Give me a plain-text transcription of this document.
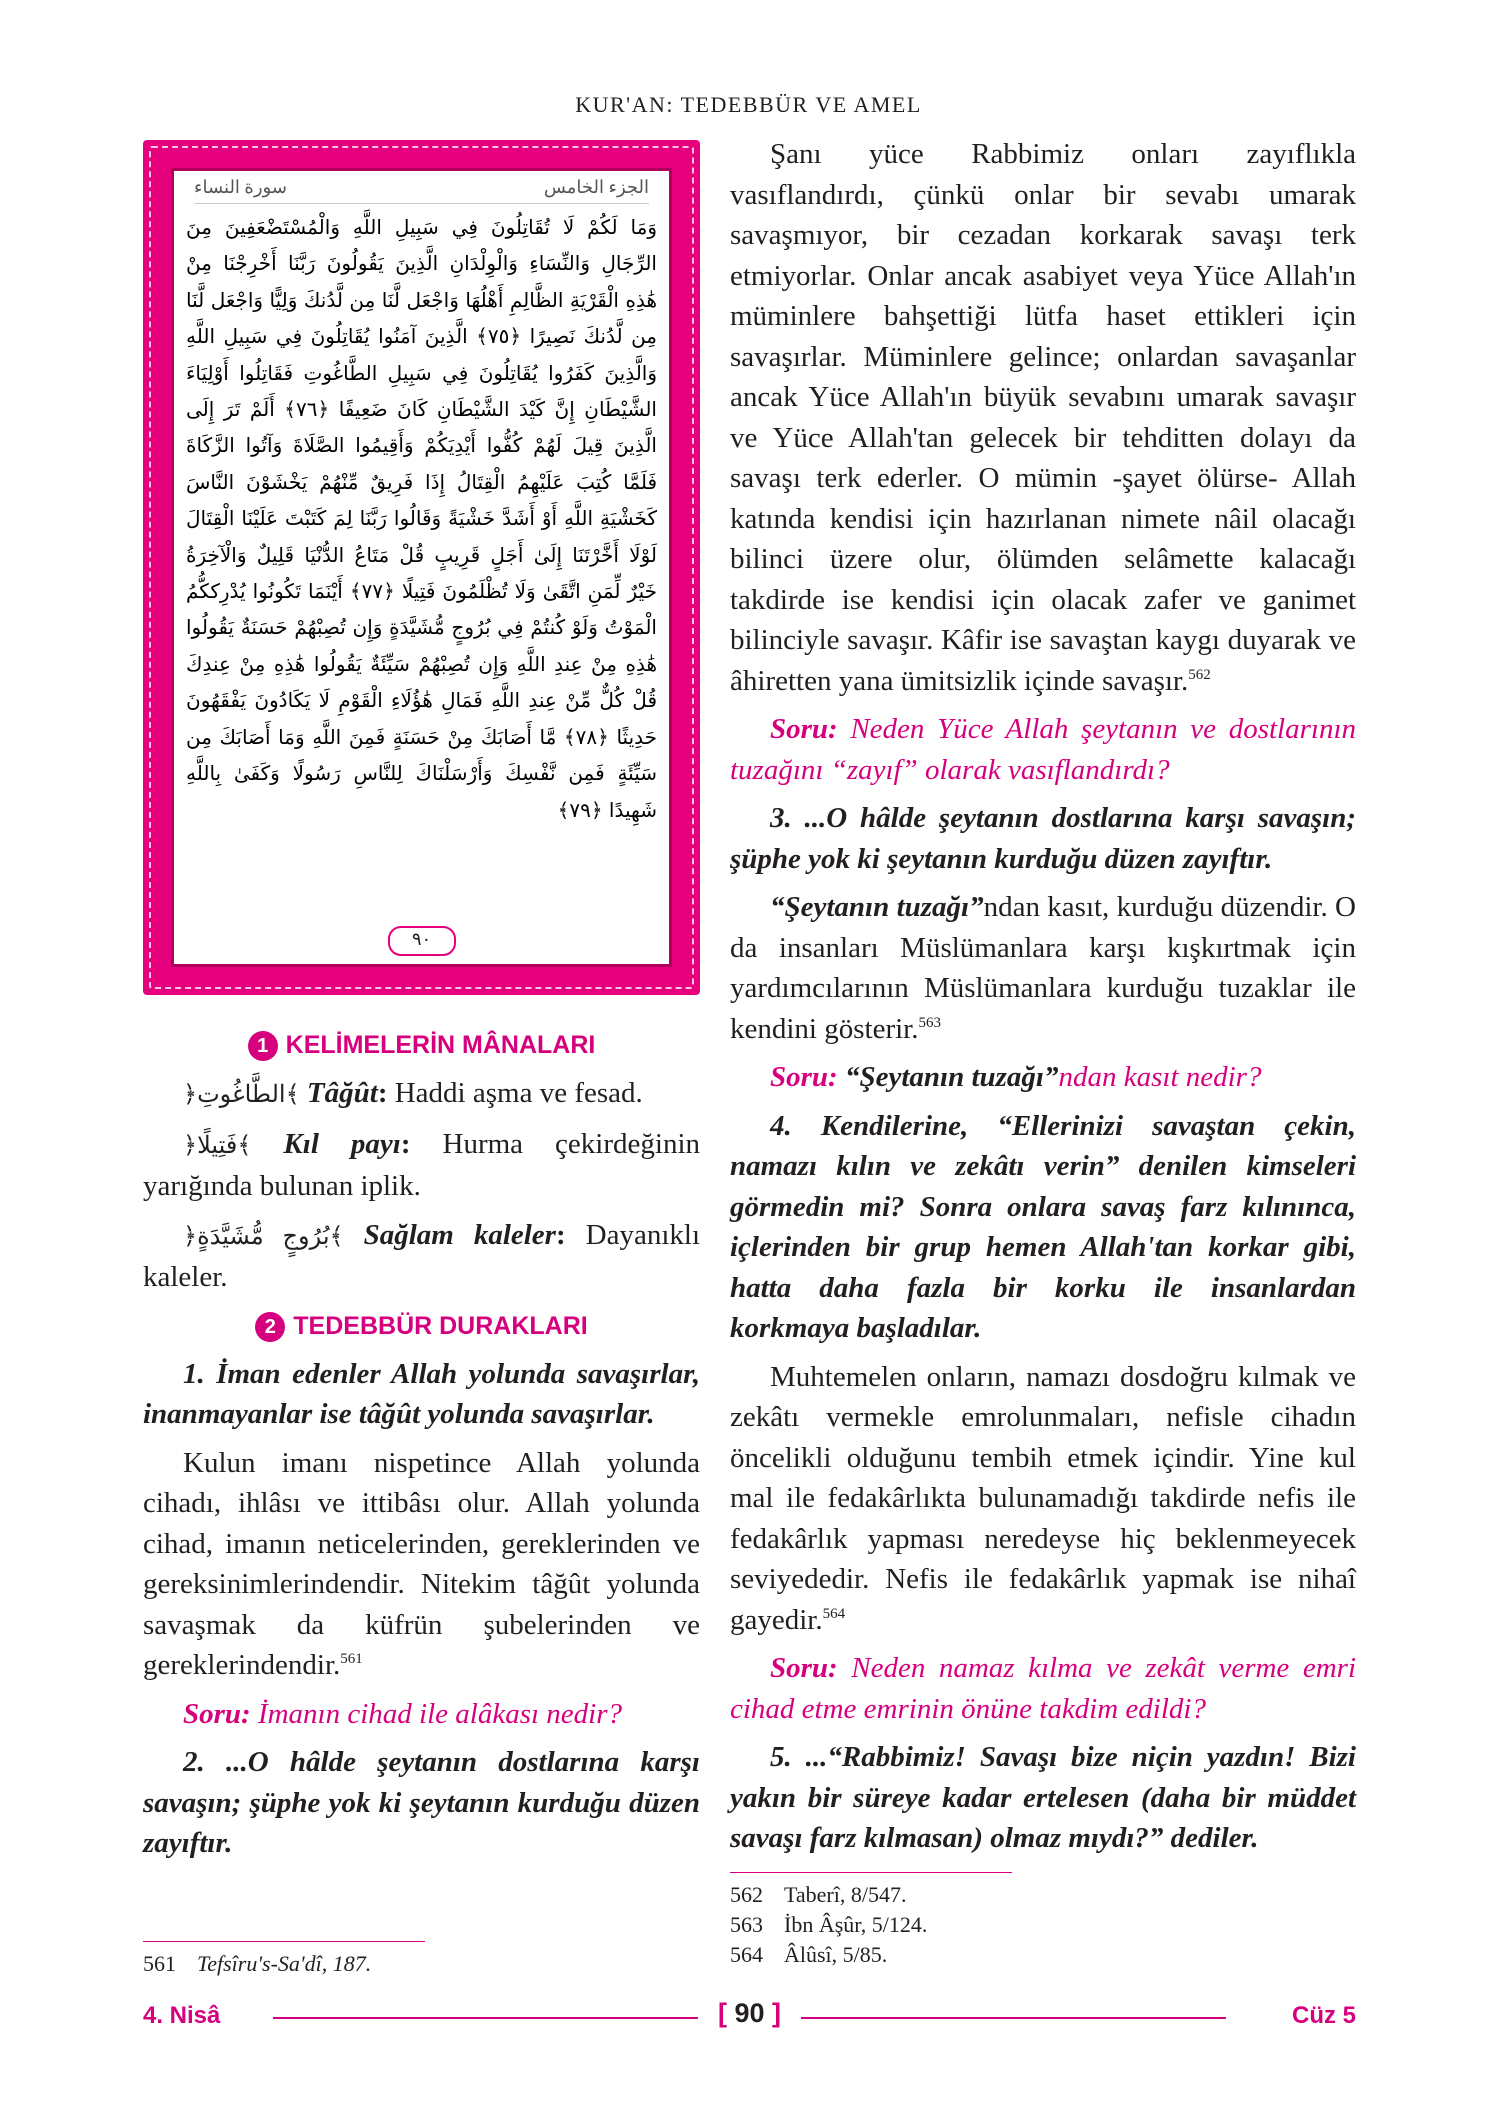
KUR'AN: TEDEBBÜR VE AMEL
الجزء الخامس
سورة النساء
وَمَا لَكُمْ لَا تُقَاتِلُونَ فِي سَبِيلِ اللَّهِ وَالْمُسْتَضْعَفِينَ مِنَ الرِّجَالِ وَالنِّسَاءِ وَالْوِلْدَانِ الَّذِينَ يَقُولُونَ رَبَّنَا أَخْرِجْنَا مِنْ هَٰذِهِ الْقَرْيَةِ الظَّالِمِ أَهْلُهَا وَاجْعَل لَّنَا مِن لَّدُنكَ وَلِيًّا وَاجْعَل لَّنَا مِن لَّدُنكَ نَصِيرًا ﴿٧٥﴾ الَّذِينَ آمَنُوا يُقَاتِلُونَ فِي سَبِيلِ اللَّهِ وَالَّذِينَ كَفَرُوا يُقَاتِلُونَ فِي سَبِيلِ الطَّاغُوتِ فَقَاتِلُوا أَوْلِيَاءَ الشَّيْطَانِ إِنَّ كَيْدَ الشَّيْطَانِ كَانَ ضَعِيفًا ﴿٧٦﴾ أَلَمْ تَرَ إِلَى الَّذِينَ قِيلَ لَهُمْ كُفُّوا أَيْدِيَكُمْ وَأَقِيمُوا الصَّلَاةَ وَآتُوا الزَّكَاةَ فَلَمَّا كُتِبَ عَلَيْهِمُ الْقِتَالُ إِذَا فَرِيقٌ مِّنْهُمْ يَخْشَوْنَ النَّاسَ كَخَشْيَةِ اللَّهِ أَوْ أَشَدَّ خَشْيَةً وَقَالُوا رَبَّنَا لِمَ كَتَبْتَ عَلَيْنَا الْقِتَالَ لَوْلَا أَخَّرْتَنَا إِلَىٰ أَجَلٍ قَرِيبٍ قُلْ مَتَاعُ الدُّنْيَا قَلِيلٌ وَالْآخِرَةُ خَيْرٌ لِّمَنِ اتَّقَىٰ وَلَا تُظْلَمُونَ فَتِيلًا ﴿٧٧﴾ أَيْنَمَا تَكُونُوا يُدْرِككُّمُ الْمَوْتُ وَلَوْ كُنتُمْ فِي بُرُوجٍ مُّشَيَّدَةٍ وَإِن تُصِبْهُمْ حَسَنَةٌ يَقُولُوا هَٰذِهِ مِنْ عِندِ اللَّهِ وَإِن تُصِبْهُمْ سَيِّئَةٌ يَقُولُوا هَٰذِهِ مِنْ عِندِكَ قُلْ كُلٌّ مِّنْ عِندِ اللَّهِ فَمَالِ هَٰؤُلَاءِ الْقَوْمِ لَا يَكَادُونَ يَفْقَهُونَ حَدِيثًا ﴿٧٨﴾ مَّا أَصَابَكَ مِنْ حَسَنَةٍ فَمِنَ اللَّهِ وَمَا أَصَابَكَ مِن سَيِّئَةٍ فَمِن نَّفْسِكَ وَأَرْسَلْنَاكَ لِلنَّاسِ رَسُولًا وَكَفَىٰ بِاللَّهِ شَهِيدًا ﴿٧٩﴾
٩٠
1 KELİMELERİN MÂNALARI

﴿الطَّاغُوتِ﴾ Tâğût: Haddi aşma ve fesad.

﴿فَتِيلًا﴾ Kıl payı: Hurma çekirdeğinin yarığında bulunan iplik.

﴿بُرُوجٍ مُّشَيَّدَةٍ﴾ Sağlam kaleler: Dayanıklı kaleler.

2 TEDEBBÜR DURAKLARI

1. İman edenler Allah yolunda savaşırlar, inanmayanlar ise tâğût yolunda savaşırlar.

Kulun imanı nispetince Allah yolunda cihadı, ihlâsı ve ittibâsı olur. Allah yolunda cihad, imanın neticelerinden, gereklerinden ve gereksinimlerindendir. Nitekim tâğût yolunda savaşmak da küfrün şubelerinden ve gereklerindendir.$^{561}$

Soru: İmanın cihad ile alâkası nedir?

2. ...O hâlde şeytanın dostlarına karşı savaşın; şüphe yok ki şeytanın kurduğu düzen zayıftır.

561 Tefsîru's-Sa'dî, 187.

Şanı yüce Rabbimiz onları zayıflıkla vasıflandırdı, çünkü onlar bir sevabı umarak savaşmıyor, bir cezadan korkarak savaşı terk etmiyorlar. Onlar ancak asabiyet veya Yüce Allah'ın müminlere bahşettiği lütfa haset ettikleri için savaşırlar. Müminlere gelince; onlardan savaşanlar ancak Yüce Allah'ın büyük sevabını umarak savaşır ve Yüce Allah'tan gelecek bir tehditten dolayı da savaşı terk ederler. O mümin -şayet ölürse- Allah katında kendisi için hazırlanan nimete nâil olacağı bilinci üzere olur, ölümden selâmette kalacağı takdirde ise kendisi için olacak zafer ve ganimet bilinciyle savaşır. Kâfir ise savaştan kaygı duyarak ve âhiretten yana ümitsizlik içinde savaşır.$^{562}$

Soru: Neden Yüce Allah şeytanın ve dostlarının tuzağını “zayıf” olarak vasıflandırdı?

3. ...O hâlde şeytanın dostlarına karşı savaşın; şüphe yok ki şeytanın kurduğu düzen zayıftır.

“Şeytanın tuzağı”ndan kasıt, kurduğu düzendir. O da insanları Müslümanlara karşı kışkırtmak için yardımcılarının Müslümanlara kurduğu tuzaklar ile kendini gösterir.$^{563}$

Soru: “Şeytanın tuzağı”ndan kasıt nedir?

4. Kendilerine, “Ellerinizi savaştan çekin, namazı kılın ve zekâtı verin” denilen kimseleri görmedin mi? Sonra onlara savaş farz kılınınca, içlerinden bir grup hemen Allah'tan korkar gibi, hatta daha fazla bir korku ile insanlardan korkmaya başladılar.

Muhtemelen onların, namazı dosdoğru kılmak ve zekâtı vermekle emrolunmaları, nefisle cihadın öncelikli olduğunu tembih etmek içindir. Yine kul mal ile fedakârlıkta bulunamadığı takdirde nefis ile fedakârlık yapması neredeyse hiç beklenmeyecek seviyededir. Nefis ile fedakârlık yapmak ise nihaî gayedir.$^{564}$

Soru: Neden namaz kılma ve zekât verme emri cihad etme emrinin önüne takdim edildi?

5. ...“Rabbimiz! Savaşı bize niçin yazdın! Bizi yakın bir süreye kadar ertelesen (daha bir müddet savaşı farz kılmasan) olmaz mıydı?” dediler.

562 Taberî, 8/547.
563 İbn Âşûr, 5/124.
564 Âlûsî, 5/85.
4. Nisâ	[ 90 ]	Cüz 5
